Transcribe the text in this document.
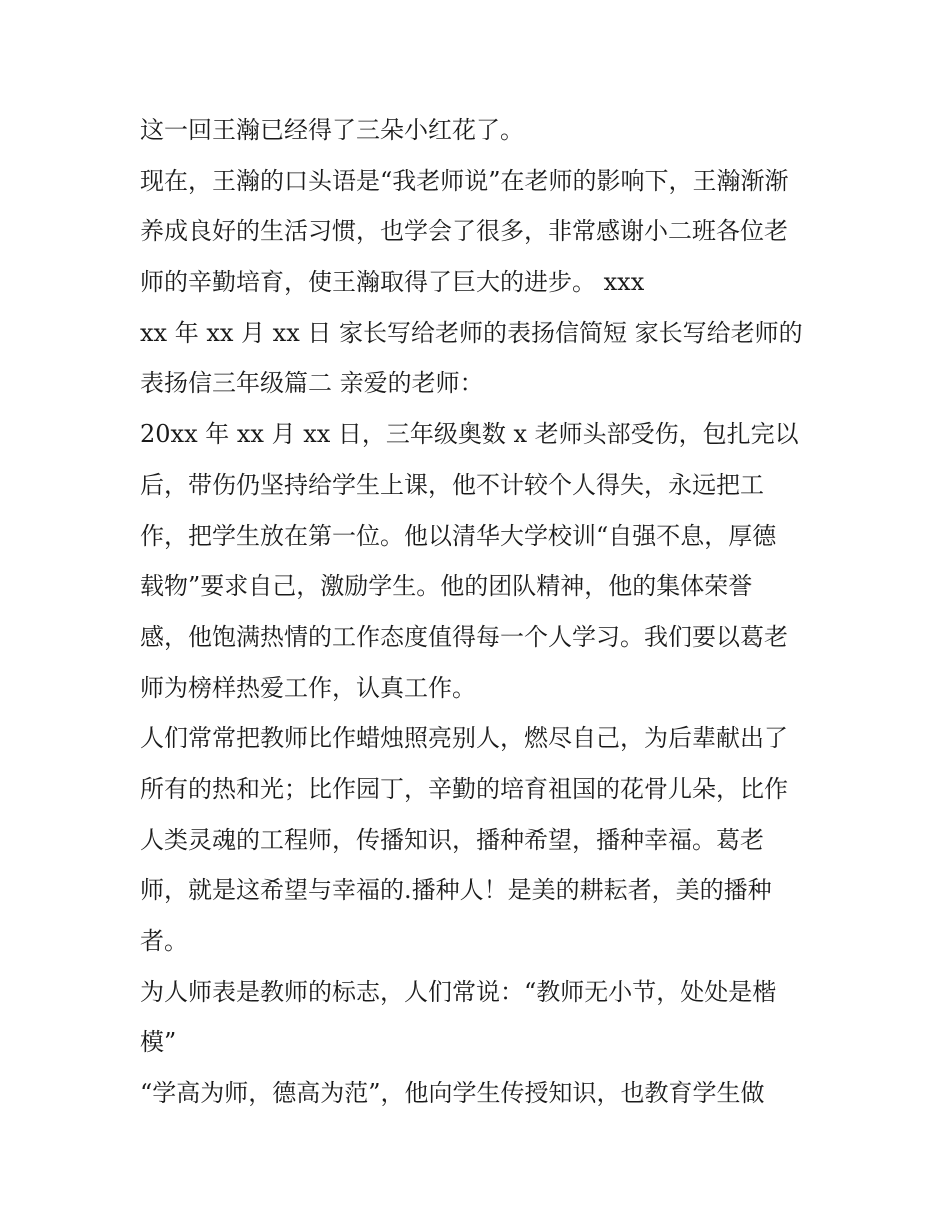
这一回王瀚已经得了三朵小红花了。
现在，王瀚的口头语是“我老师说”在老师的影响下，王瀚渐渐
养成良好的生活习惯，也学会了很多，非常感谢小二班各位老
师的辛勤培育，使王瀚取得了巨大的进步。 xxx
xx 年 xx 月 xx 日 家长写给老师的表扬信简短 家长写给老师的
表扬信三年级篇二 亲爱的老师：
20xx 年 xx 月 xx 日，三年级奥数 x 老师头部受伤，包扎完以
后，带伤仍坚持给学生上课，他不计较个人得失，永远把工
作，把学生放在第一位。他以清华大学校训“自强不息，厚德
载物”要求自己，激励学生。他的团队精神，他的集体荣誉
感，他饱满热情的工作态度值得每一个人学习。我们要以葛老
师为榜样热爱工作，认真工作。
人们常常把教师比作蜡烛照亮别人，燃尽自己，为后辈献出了
所有的热和光；比作园丁，辛勤的培育祖国的花骨儿朵，比作
人类灵魂的工程师，传播知识，播种希望，播种幸福。葛老
师，就是这希望与幸福的.播种人！是美的耕耘者，美的播种
者。
为人师表是教师的标志，人们常说：“教师无小节，处处是楷
模”
“学高为师，德高为范”，他向学生传授知识，也教育学生做
